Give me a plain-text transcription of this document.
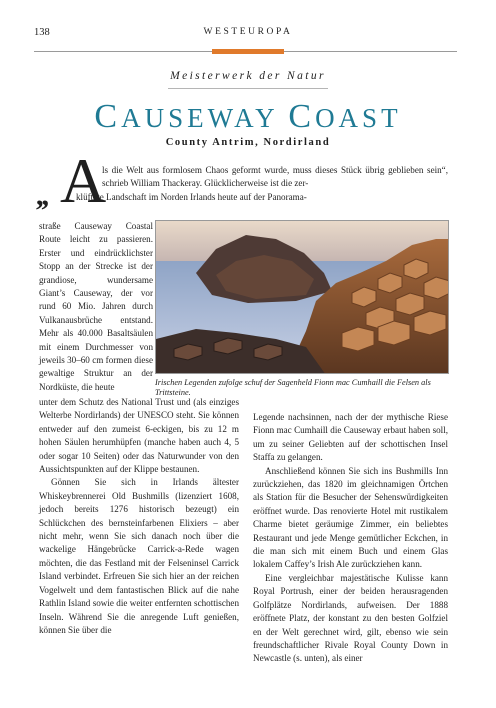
138	WESTEUROPA
Meisterwerk der Natur
CAUSEWAY COAST
County Antrim, Nordirland
,, A
ls die Welt aus formlosem Chaos geformt wurde, muss dieses Stück übrig geblieben sein“, schrieb William Thackeray. Glücklicherweise ist die zer-
klüftete Landschaft im Norden Irlands heute auf der Panorama-
straße Causeway Coastal Route leicht zu passieren. Erster und eindrücklichster Stopp an der Strecke ist der grandiose, wundersame Giant’s Causeway, der vor rund 60 Mio. Jahren durch Vulkanausbrüche entstand. Mehr als 40.000 Basaltsäulen mit einem Durchmesser von jeweils 30–60 cm formen diese gewaltige Struktur an der Nordküste, die heute	Irischen Legenden zufolge schuf der Sagenheld Fionn mac Cumhaill die Felsen als Trittsteine.
unter dem Schutz des National Trust und (als einziges Welterbe Nordirlands) der UNESCO steht. Sie können entweder auf den zumeist 6-eckigen, bis zu 12 m hohen Säulen herumhüpfen (manche haben auch 4, 5 oder sogar 10 Seiten) oder das Naturwunder von den Aussichtspunkten auf der Klippe bestaunen.
Gönnen Sie sich in Irlands ältester Whiskeybrennerei Old Bushmills (lizenziert 1608, jedoch bereits 1276 historisch bezeugt) ein Schlückchen des bernsteinfarbenen Elixiers – aber nicht mehr, wenn Sie sich danach noch über die wackelige Hängebrücke Carrick-a-Rede wagen möchten, die das Festland mit der Felseninsel Carrick Island verbindet. Erfreuen Sie sich hier an der reichen Vogelwelt und dem fantastischen Blick auf die nahe Rathlin Island sowie die weiter entfernten schottischen Inseln. Während Sie die anregende Luft genießen, können Sie über die
Legende nachsinnen, nach der der mythische Riese Fionn mac Cumhaill die Causeway erbaut haben soll, um zu seiner Geliebten auf der schottischen Insel Staffa zu gelangen.
Anschließend können Sie sich ins Bushmills Inn zurückziehen, das 1820 im gleichnamigen Örtchen als Station für die Besucher der Sehenswürdigkeiten eröffnet wurde. Das renovierte Hotel mit rustikalem Charme bietet geräumige Zimmer, ein beliebtes Restaurant und jede Menge gemütlicher Eckchen, in die man sich mit einem Buch und einem Glas lokalem Caffey’s Irish Ale zurückziehen kann.
Eine vergleichbar majestätische Kulisse kann Royal Portrush, einer der beiden herausragenden Golfplätze Nordirlands, aufweisen. Der 1888 eröffnete Platz, der konstant zu den besten Golfziel en der Welt gerechnet wird, gilt, ebenso wie sein freundschaftlicher Rivale Royal County Down in Newcastle (s. unten), als einer
